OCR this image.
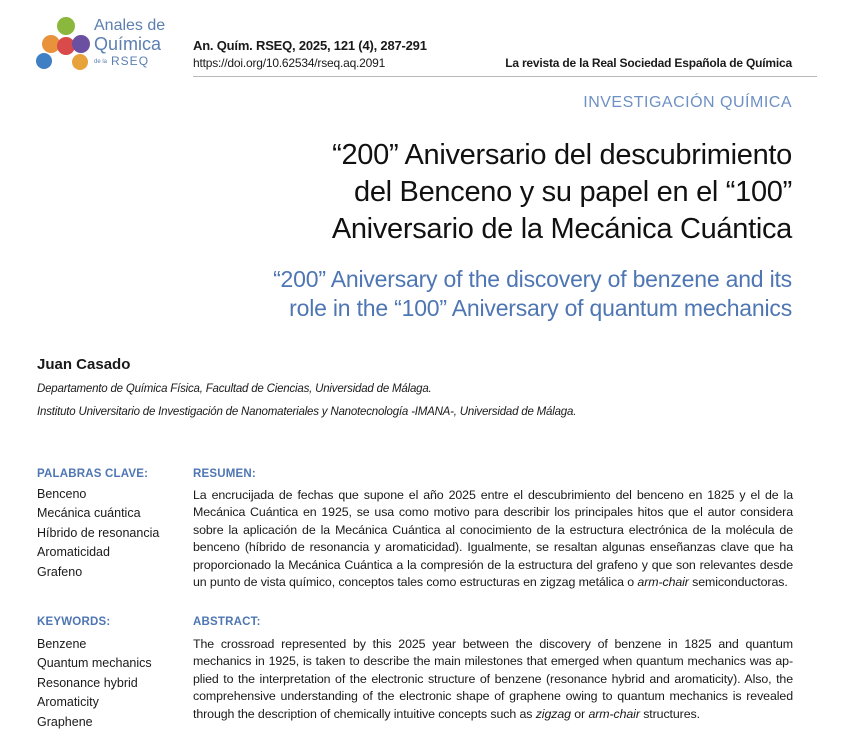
Anales de
Química
de la RSEQ
An. Quím. RSEQ, 2025, 121 (4), 287-291
https://doi.org/10.62534/rseq.aq.2091	La revista de la Real Sociedad Española de Química
INVESTIGACIÓN QUÍMICA
“200” Aniversario del descubrimiento
del Benceno y su papel en el “100”
Aniversario de la Mecánica Cuántica
“200” Aniversary of the discovery of benzene and its
role in the “100” Aniversary of quantum mechanics
Juan Casado
Departamento de Química Física, Facultad de Ciencias, Universidad de Málaga.
Instituto Universitario de Investigación de Nanomateriales y Nanotecnología -IMANA-, Universidad de Málaga.
PALABRAS CLAVE:
Benceno
Mecánica cuántica
Híbrido de resonancia
Aromaticidad
Grafeno
RESUMEN:

La encrucijada de fechas que supone el año 2025 entre el descubrimiento del benceno en 1825 y el de la Mecánica Cuántica en 1925, se usa como motivo para describir los principales hitos que el autor considera sobre la aplicación de la Mecánica Cuántica al conocimiento de la estructura electrónica de la molécula de benceno (híbrido de resonancia y aromaticidad). Igualmente, se resaltan algunas enseñanzas clave que ha proporcionado la Mecánica Cuántica a la compresión de la estructura del grafeno y que son relevantes desde un punto de vista químico, conceptos tales como estructuras en zigzag metálica o arm-chair semiconductoras.

KEYWORDS:
Benzene
Quantum mechanics
Resonance hybrid
Aromaticity
Graphene
ABSTRACT:

The crossroad represented by this 2025 year between the discovery of benzene in 1825 and quantum mechanics in 1925, is taken to describe the main milestones that emerged when quantum mechanics was ap-plied to the interpretation of the electronic structure of benzene (resonance hybrid and aromaticity). Also, the comprehensive understanding of the electronic shape of graphene owing to quantum mechanics is revealed through the description of chemically intuitive concepts such as zigzag or arm-chair structures.
